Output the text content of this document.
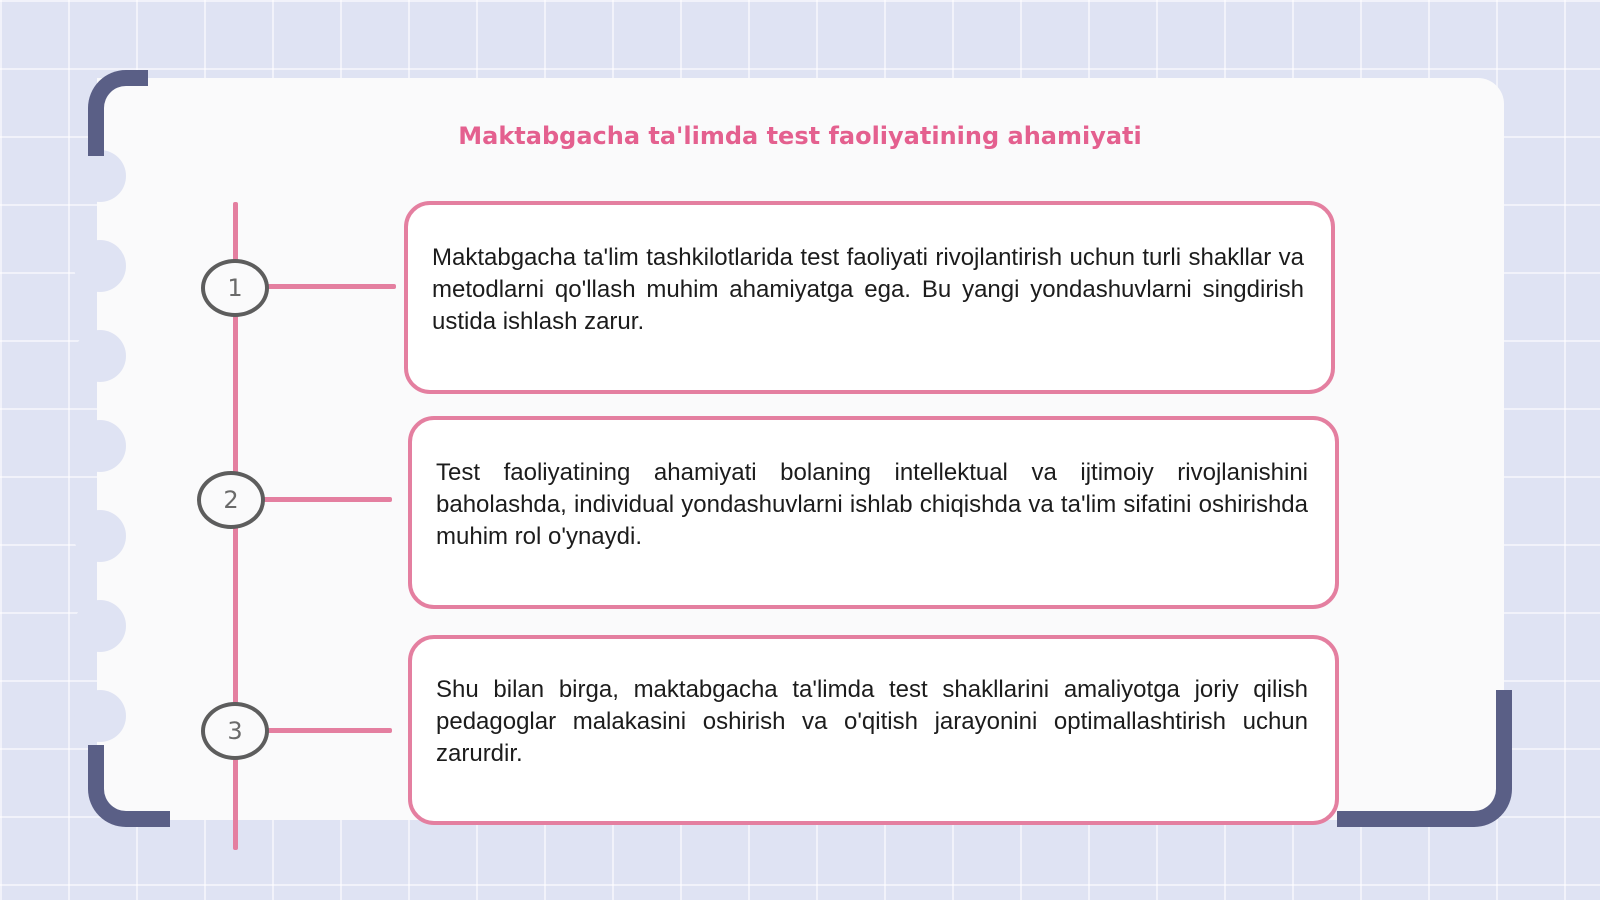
Maktabgacha ta'limda test faoliyatining ahamiyati
1

Maktabgacha ta'lim tashkilotlarida test faoliyati rivojlantirish uchun turli shakllar va metodlarni qo'llash muhim ahamiyatga ega. Bu yangi yondashuvlarni singdirish ustida ishlash zarur.

2

Test faoliyatining ahamiyati bolaning intellektual va ijtimoiy rivojlanishini baholashda, individual yondashuvlarni ishlab chiqishda va ta'lim sifatini oshirishda muhim rol o'ynaydi.

3

Shu bilan birga, maktabgacha ta'limda test shakllarini amaliyotga joriy qilish pedagoglar malakasini oshirish va o'qitish jarayonini optimallashtirish uchun zarurdir.
